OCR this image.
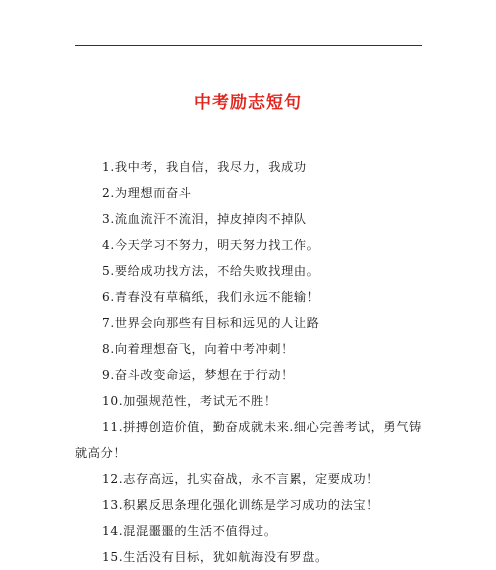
中考励志短句
1.我中考，我自信，我尽力，我成功
2.为理想而奋斗
3.流血流汗不流泪，掉皮掉肉不掉队
4.今天学习不努力，明天努力找工作。
5.要给成功找方法，不给失败找理由。
6.青春没有草稿纸，我们永远不能输！
7.世界会向那些有目标和远见的人让路
8.向着理想奋飞，向着中考冲刺！
9.奋斗改变命运，梦想在于行动！
10.加强规范性，考试无不胜！
11.拼搏创造价值，勤奋成就未来.细心完善考试，勇气铸就高分！
12.志存高远，扎实奋战，永不言累，定要成功！
13.积累反思条理化强化训练是学习成功的法宝！
14.混混噩噩的生活不值得过。
15.生活没有目标，犹如航海没有罗盘。
